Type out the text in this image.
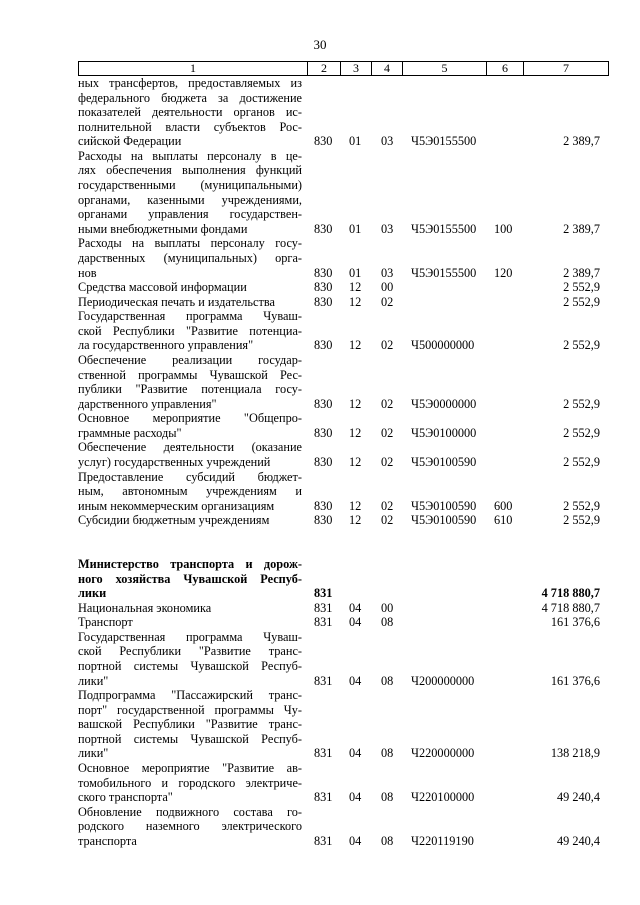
30
1	2	3	4	5	6	7
ных трансфертов, предоставляемых из
федерального бюджета за достижение
показателей деятельности органов ис-
полнительной власти субъектов Рос-
сийской Федерации	830 01 03 Ч5Э0155500	2 389,7
Расходы на выплаты персоналу в це-
лях обеспечения выполнения функций
государственными (муниципальными)
органами, казенными учреждениями,
органами управления государствен-
ными внебюджетными фондами	830 01 03 Ч5Э0155500 100	2 389,7
Расходы на выплаты персоналу госу-
дарственных (муниципальных) орга-
нов	830 01 03 Ч5Э0155500 120	2 389,7
Средства массовой информации	830 12 00	2 552,9
Периодическая печать и издательства	830 12 02	2 552,9
Государственная программа Чуваш-
ской Республики "Развитие потенциа-
ла государственного управления"	830 12 02 Ч500000000	2 552,9
Обеспечение реализации государ-
ственной программы Чувашской Рес-
публики "Развитие потенциала госу-
дарственного управления"	830 12 02 Ч5Э0000000	2 552,9
Основное мероприятие "Общепро-
граммные расходы"	830 12 02 Ч5Э0100000	2 552,9
Обеспечение деятельности (оказание
услуг) государственных учреждений	830 12 02 Ч5Э0100590	2 552,9
Предоставление субсидий бюджет-
ным, автономным учреждениям и
иным некоммерческим организациям	830 12 02 Ч5Э0100590 600	2 552,9
Субсидии бюджетным учреждениям	830 12 02 Ч5Э0100590 610	2 552,9
Министерство транспорта и дорож-
ного хозяйства Чувашской Респуб-
лики	831	4 718 880,7
Национальная экономика	831 04 00	4 718 880,7
Транспорт	831 04 08	161 376,6
Государственная программа Чуваш-
ской Республики "Развитие транс-
портной системы Чувашской Респуб-
лики"	831 04 08 Ч200000000	161 376,6
Подпрограмма "Пассажирский транс-
порт" государственной программы Чу-
вашской Республики "Развитие транс-
портной системы Чувашской Респуб-
лики"	831 04 08 Ч220000000	138 218,9
Основное мероприятие "Развитие ав-
томобильного и городского электриче-
ского транспорта"	831 04 08 Ч220100000	49 240,4
Обновление подвижного состава го-
родского наземного электрического
транспорта	831 04 08 Ч220119190	49 240,4
